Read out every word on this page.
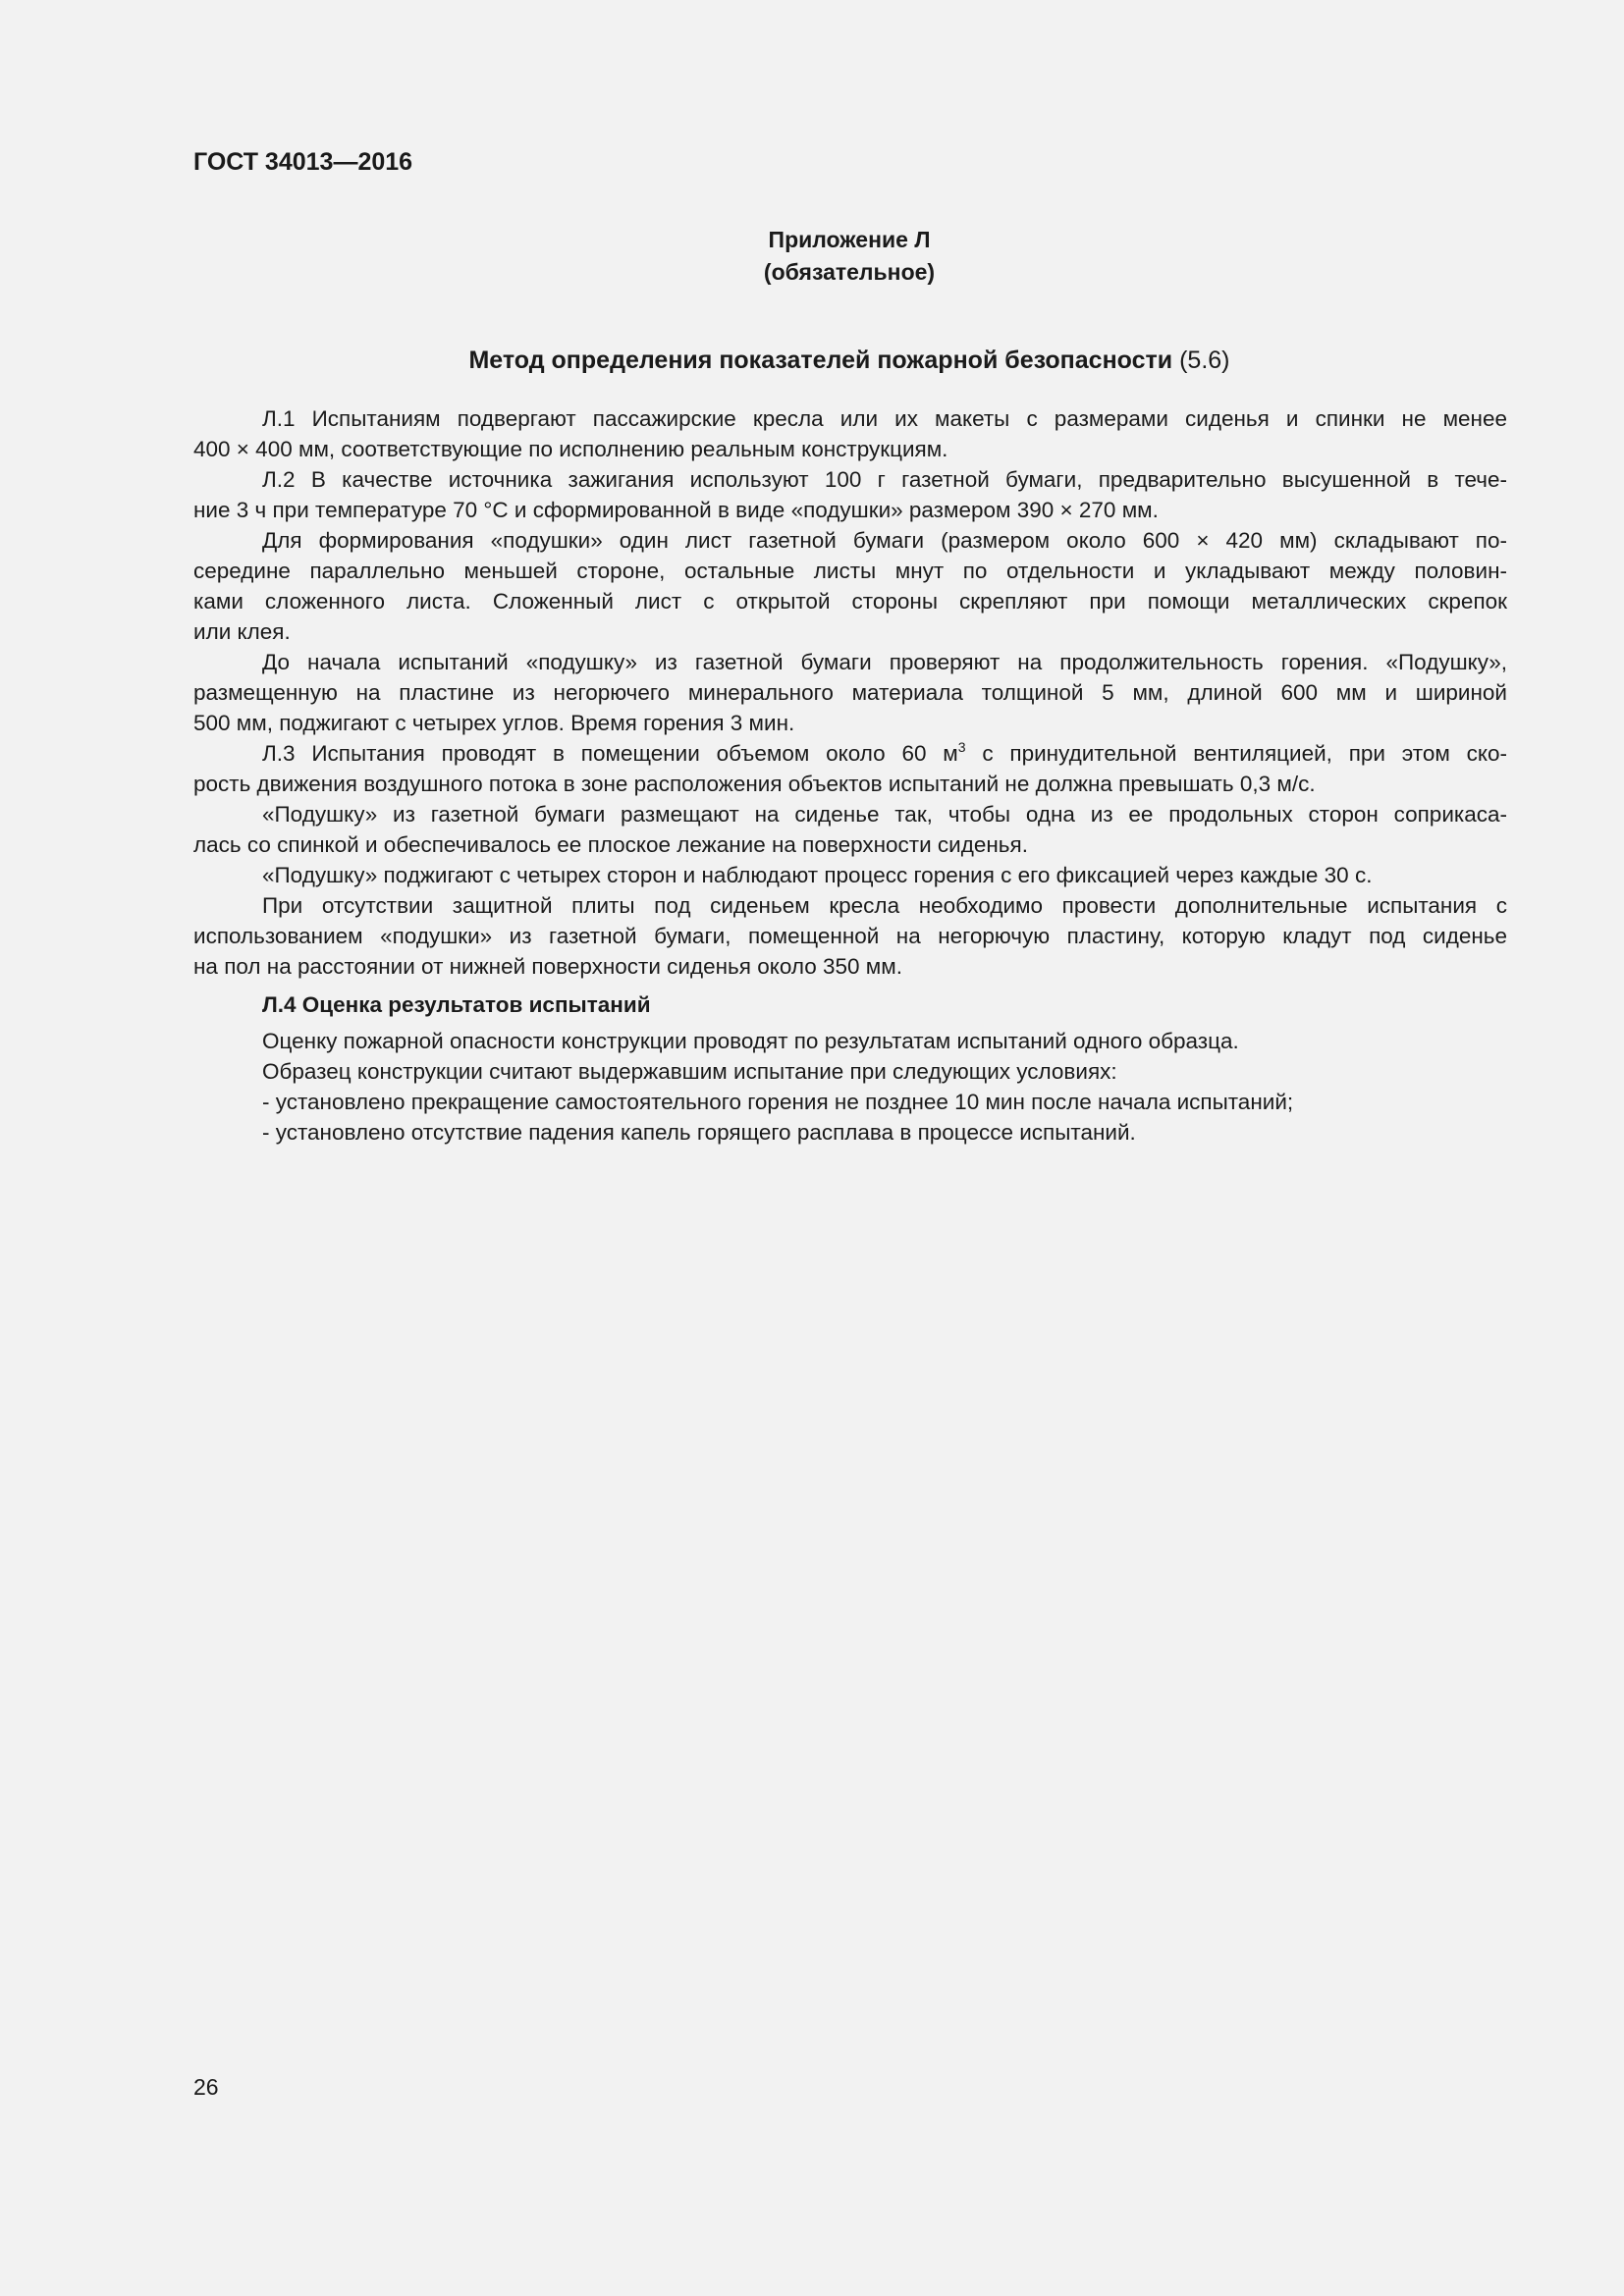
ГОСТ 34013—2016
Приложение Л
(обязательное)
Метод определения показателей пожарной безопасности (5.6)
Л.1 Испытаниям подвергают пассажирские кресла или их макеты с размерами сиденья и спинки не менее
400 × 400 мм, соответствующие по исполнению реальным конструкциям.
Л.2 В качестве источника зажигания используют 100 г газетной бумаги, предварительно высушенной в тече-
ние 3 ч при температуре 70 °С и сформированной в виде «подушки» размером 390 × 270 мм.
Для формирования «подушки» один лист газетной бумаги (размером около 600 × 420 мм) складывают по-
середине параллельно меньшей стороне, остальные листы мнут по отдельности и укладывают между половин-
ками сложенного листа. Сложенный лист с открытой стороны скрепляют при помощи металлических скрепок
или клея.
До начала испытаний «подушку» из газетной бумаги проверяют на продолжительность горения. «Подушку»,
размещенную на пластине из негорючего минерального материала толщиной 5 мм, длиной 600 мм и шириной
500 мм, поджигают с четырех углов. Время горения 3 мин.
Л.3 Испытания проводят в помещении объемом около 60 $м^3$ с принудительной вентиляцией, при этом ско-
рость движения воздушного потока в зоне расположения объектов испытаний не должна превышать 0,3 м/с.
«Подушку» из газетной бумаги размещают на сиденье так, чтобы одна из ее продольных сторон соприкаса-
лась со спинкой и обеспечивалось ее плоское лежание на поверхности сиденья.
«Подушку» поджигают с четырех сторон и наблюдают процесс горения с его фиксацией через каждые 30 с.
При отсутствии защитной плиты под сиденьем кресла необходимо провести дополнительные испытания с
использованием «подушки» из газетной бумаги, помещенной на негорючую пластину, которую кладут под сиденье
на пол на расстоянии от нижней поверхности сиденья около 350 мм.
Л.4 Оценка результатов испытаний
Оценку пожарной опасности конструкции проводят по результатам испытаний одного образца.
Образец конструкции считают выдержавшим испытание при следующих условиях:
- установлено прекращение самостоятельного горения не позднее 10 мин после начала испытаний;
- установлено отсутствие падения капель горящего расплава в процессе испытаний.
26
